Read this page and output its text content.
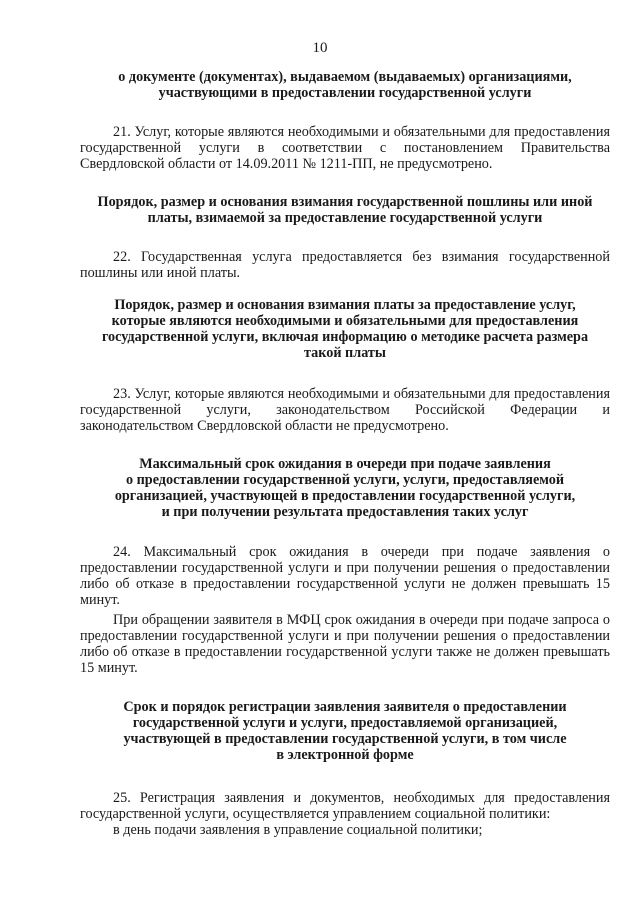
10
о документе (документах), выдаваемом (выдаваемых) организациями,
участвующими в предоставлении государственной услуги
21. Услуг, которые являются необходимыми и обязательными для предоставления государственной услуги в соответствии с постановлением Правительства Свердловской области от 14.09.2011 № 1211-ПП, не предусмотрено.
Порядок, размер и основания взимания государственной пошлины или иной
платы, взимаемой за предоставление государственной услуги
22. Государственная услуга предоставляется без взимания государственной пошлины или иной платы.
Порядок, размер и основания взимания платы за предоставление услуг,
которые являются необходимыми и обязательными для предоставления
государственной услуги, включая информацию о методике расчета размера
такой платы
23. Услуг, которые являются необходимыми и обязательными для предоставления государственной услуги, законодательством Российской Федерации и законодательством Свердловской области не предусмотрено.
Максимальный срок ожидания в очереди при подаче заявления
о предоставлении государственной услуги, услуги, предоставляемой
организацией, участвующей в предоставлении государственной услуги,
и при получении результата предоставления таких услуг
24. Максимальный срок ожидания в очереди при подаче заявления о предоставлении государственной услуги и при получении решения о предоставлении либо об отказе в предоставлении государственной услуги не должен превышать 15 минут.
При обращении заявителя в МФЦ срок ожидания в очереди при подаче запроса о предоставлении государственной услуги и при получении решения о предоставлении либо об отказе в предоставлении государственной услуги также не должен превышать 15 минут.
Срок и порядок регистрации заявления заявителя о предоставлении
государственной услуги и услуги, предоставляемой организацией,
участвующей в предоставлении государственной услуги, в том числе
в электронной форме
25. Регистрация заявления и документов, необходимых для предоставления государственной услуги, осуществляется управлением социальной политики:
в день подачи заявления в управление социальной политики;
